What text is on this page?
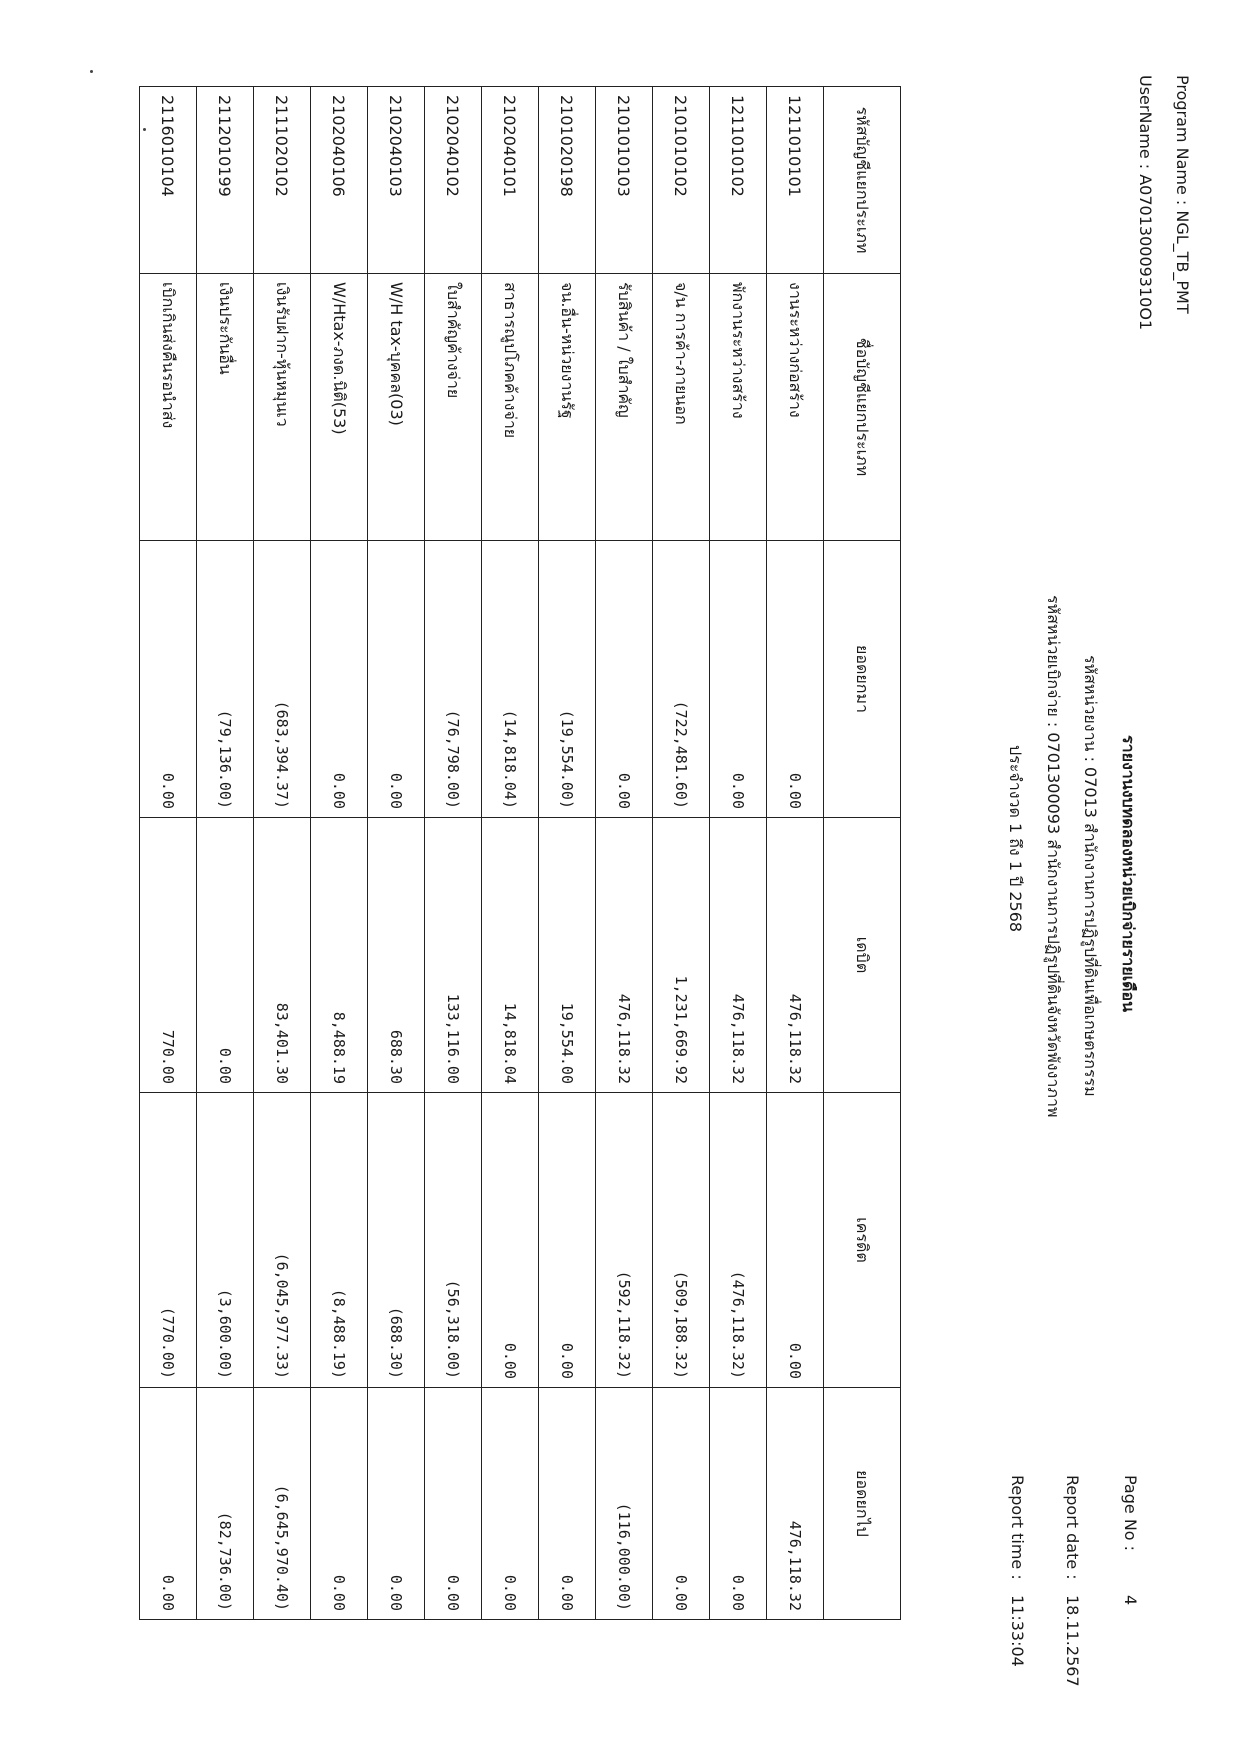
Program Name : NGL_TB_PMT
UserName : A070130009310O1
รายงานงบทดลองหน่วยเบิกจ่ายรายเดือน
รหัสหน่วยงาน : 07013 สำนักงานการปฏิรูปที่ดินเพื่อเกษตรกรรม
รหัสหน่วยเบิกจ่าย : 0701300093 สำนักงานการปฏิรูปที่ดินจังหวัดพังงาภาพ
ประจำงวด 1 ถึง 1 ปี 2568
Page No :4
Report date :18.11.2567
Report time :11:33:04
รหัสบัญชีแยกประเภท	ชื่อบัญชีแยกประเภท	ยอดยกมา	เดบิต	เครดิต	ยอดยกไป
1211010101	งานระหว่างก่อสร้าง	0.00	476,118.32	0.00	476,118.32
1211010102	พักงานระหว่างสร้าง	0.00	476,118.32	(476,118.32)	0.00
2101010102	จ/น การค้า-ภายนอก	(722,481.60)	1,231,669.92	(509,188.32)	0.00
2101010103	รับสินค้า / ใบสำคัญ	0.00	476,118.32	(592,118.32)	(116,000.00)
2101020198	จน.อื่น-หน่วยงานรัฐ	(19,554.00)	19,554.00	0.00	0.00
2102040101	สาธารณูปโภคค้างจ่าย	(14,818.04)	14,818.04	0.00	0.00
2102040102	ใบสำคัญค้างจ่าย	(76,798.00)	133,116.00	(56,318.00)	0.00
2102040103	W/H tax-บุคคล(03)	0.00	688.30	(688.30)	0.00
2102040106	W/Htax-ภงด.นิติ(53)	0.00	8,488.19	(8,488.19)	0.00
2111020102	เงินรับฝาก-หุ้นหมุนเว	(683,394.37)	83,401.30	(6,045,977.33)	(6,645,970.40)
2112010199	เงินประกันอื่น	(79,136.00)	0.00	(3,600.00)	(82,736.00)
2116010104	เบิกเกินส่งคืนรอนำส่ง	0.00	770.00	(770.00)	0.00
